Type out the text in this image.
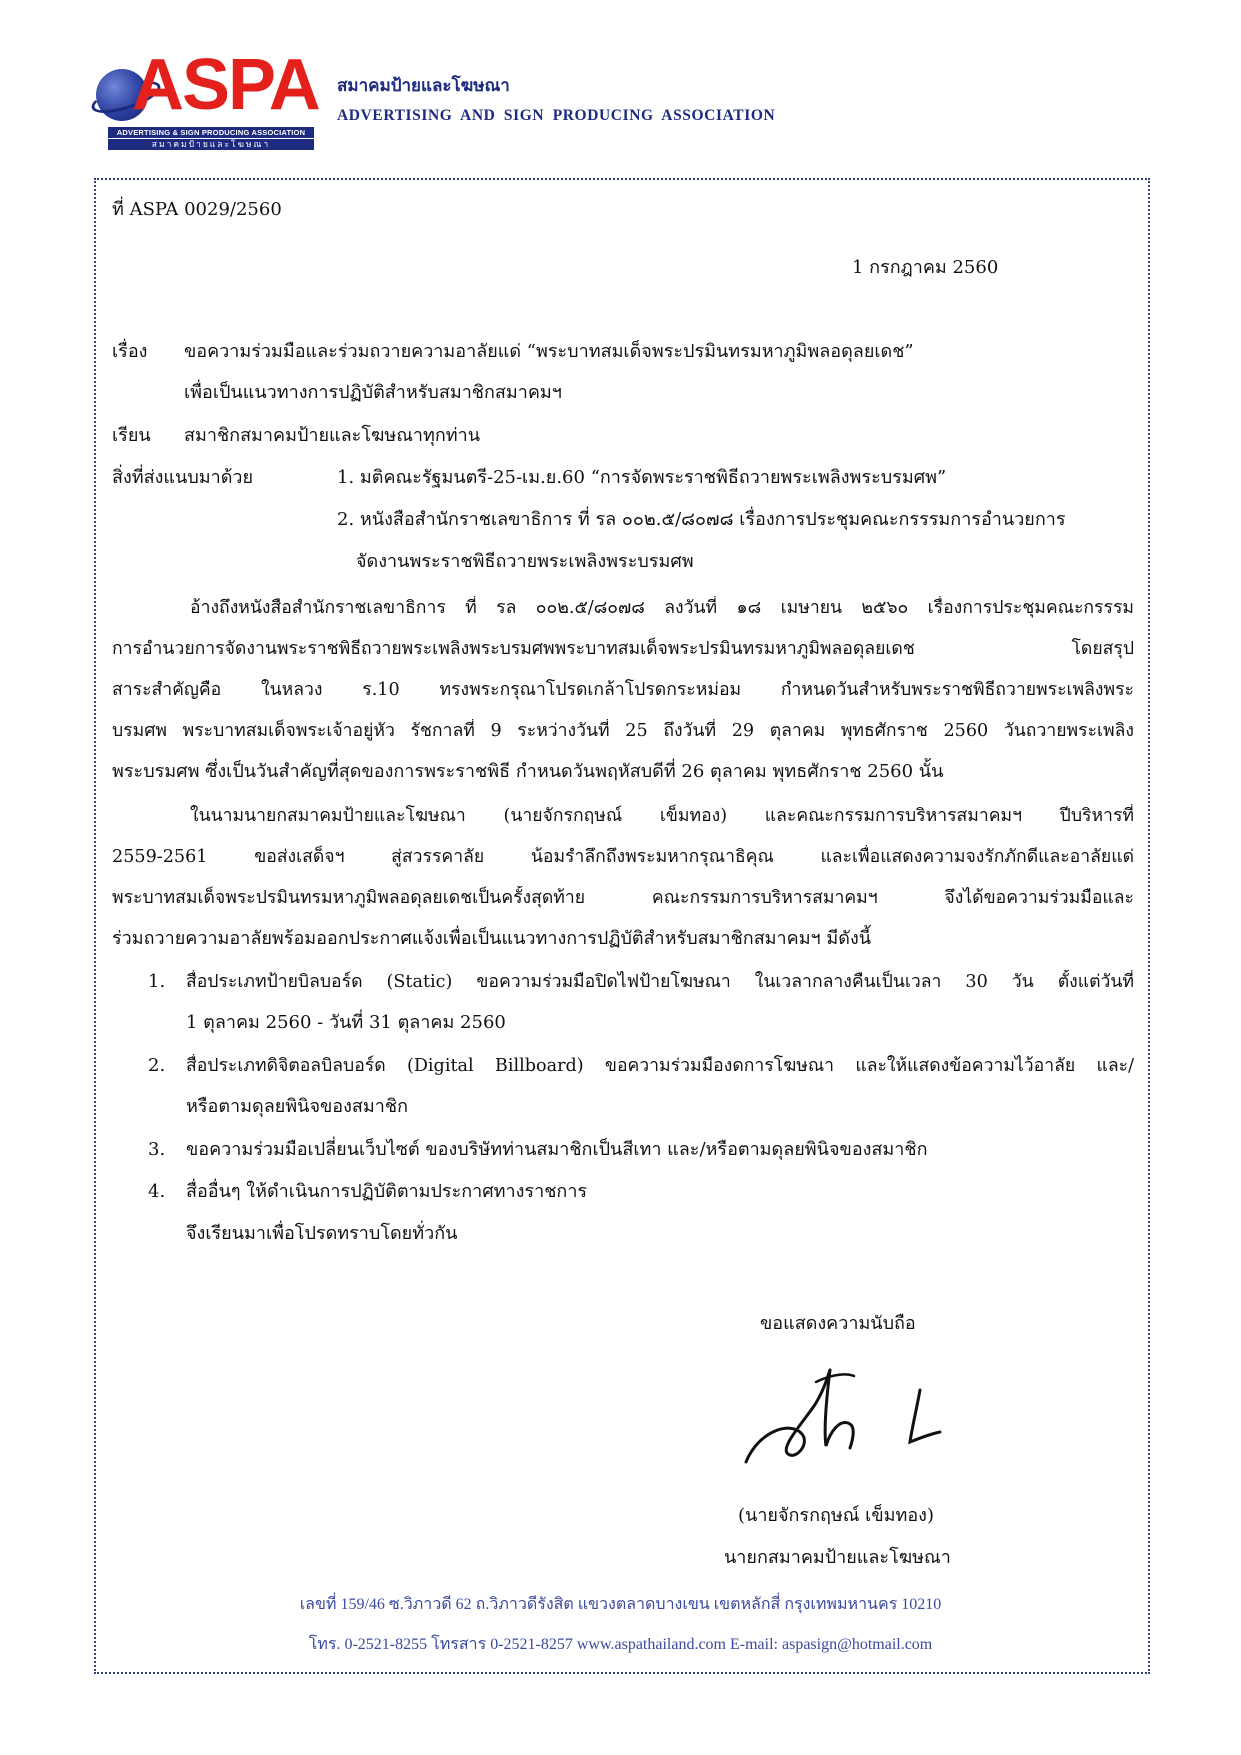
ASPA
ADVERTISING & SIGN PRODUCING ASSOCIATION
สมาคมป้ายและโฆษณา
สมาคมป้ายและโฆษณา
ADVERTISING AND SIGN PRODUCING ASSOCIATION
ที่ ASPA 0029/2560
1 กรกฎาคม 2560
เรื่อง ขอความร่วมมือและร่วมถวายความอาลัยแด่ “พระบาทสมเด็จพระปรมินทรมหาภูมิพลอดุลยเดช”
เพื่อเป็นแนวทางการปฏิบัติสำหรับสมาชิกสมาคมฯ
เรียน สมาชิกสมาคมป้ายและโฆษณาทุกท่าน
สิ่งที่ส่งแนบมาด้วย	1. มติคณะรัฐมนตรี-25-เม.ย.60 “การจัดพระราชพิธีถวายพระเพลิงพระบรมศพ”
2. หนังสือสำนักราชเลขาธิการ ที่ รล ๐๐๒.๕/๘๐๗๘ เรื่องการประชุมคณะกรรรมการอำนวยการ
จัดงานพระราชพิธีถวายพระเพลิงพระบรมศพ
อ้างถึงหนังสือสำนักราชเลขาธิการ ที่ รล ๐๐๒.๕/๘๐๗๘ ลงวันที่ ๑๘ เมษายน ๒๕๖๐ เรื่องการประชุมคณะกรรรม
การอำนวยการจัดงานพระราชพิธีถวายพระเพลิงพระบรมศพพระบาทสมเด็จพระปรมินทรมหาภูมิพลอดุลยเดช โดยสรุป
สาระสำคัญคือ ในหลวง ร.10 ทรงพระกรุณาโปรดเกล้าโปรดกระหม่อม กำหนดวันสำหรับพระราชพิธีถวายพระเพลิงพระ
บรมศพ พระบาทสมเด็จพระเจ้าอยู่หัว รัชกาลที่ 9 ระหว่างวันที่ 25 ถึงวันที่ 29 ตุลาคม พุทธศักราช 2560 วันถวายพระเพลิง
พระบรมศพ ซึ่งเป็นวันสำคัญที่สุดของการพระราชพิธี กำหนดวันพฤหัสบดีที่ 26 ตุลาคม พุทธศักราช 2560 นั้น
ในนามนายกสมาคมป้ายและโฆษณา (นายจักรกฤษณ์ เข็มทอง) และคณะกรรมการบริหารสมาคมฯ ปีบริหารที่
2559-2561 ขอส่งเสด็จฯ สู่สวรรคาลัย น้อมรำลึกถึงพระมหากรุณาธิคุณ และเพื่อแสดงความจงรักภักดีและอาลัยแด่
พระบาทสมเด็จพระปรมินทรมหาภูมิพลอดุลยเดชเป็นครั้งสุดท้าย คณะกรรมการบริหารสมาคมฯ จึงได้ขอความร่วมมือและ
ร่วมถวายความอาลัยพร้อมออกประกาศแจ้งเพื่อเป็นแนวทางการปฏิบัติสำหรับสมาชิกสมาคมฯ มีดังนี้
1. สื่อประเภทป้ายบิลบอร์ด (Static) ขอความร่วมมือปิดไฟป้ายโฆษณา ในเวลากลางคืนเป็นเวลา 30 วัน ตั้งแต่วันที่
1 ตุลาคม 2560 - วันที่ 31 ตุลาคม 2560
2. สื่อประเภทดิจิตอลบิลบอร์ด (Digital Billboard) ขอความร่วมมืองดการโฆษณา และให้แสดงข้อความไว้อาลัย และ/
หรือตามดุลยพินิจของสมาชิก
3. ขอความร่วมมือเปลี่ยนเว็บไซต์ ของบริษัทท่านสมาชิกเป็นสีเทา และ/หรือตามดุลยพินิจของสมาชิก
4. สื่ออื่นๆ ให้ดำเนินการปฏิบัติตามประกาศทางราชการ
จึงเรียนมาเพื่อโปรดทราบโดยทั่วกัน
ขอแสดงความนับถือ
(นายจักรกฤษณ์ เข็มทอง)
นายกสมาคมป้ายและโฆษณา
เลขที่ 159/46 ซ.วิภาวดี 62 ถ.วิภาวดีรังสิต แขวงตลาดบางเขน เขตหลักสี่ กรุงเทพมหานคร 10210
โทร. 0-2521-8255 โทรสาร 0-2521-8257 www.aspathailand.com E-mail: aspasign@hotmail.com
